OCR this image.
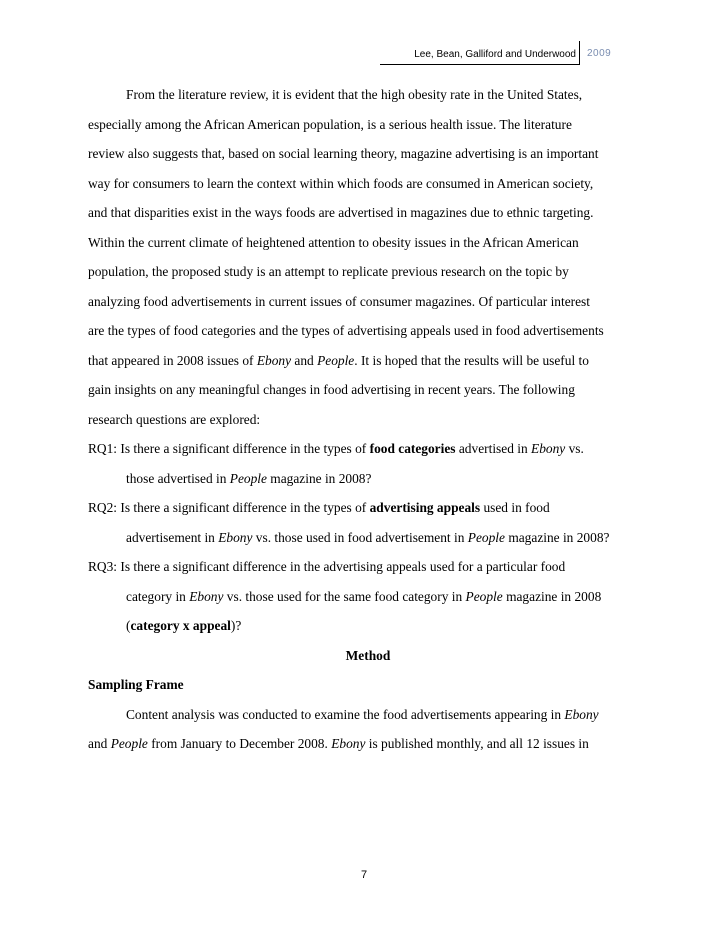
Lee, Bean, Galliford and Underwood 2009
From the literature review, it is evident that the high obesity rate in the United States,
especially among the African American population, is a serious health issue. The literature
review also suggests that, based on social learning theory, magazine advertising is an important
way for consumers to learn the context within which foods are consumed in American society,
and that disparities exist in the ways foods are advertised in magazines due to ethnic targeting.
Within the current climate of heightened attention to obesity issues in the African American
population, the proposed study is an attempt to replicate previous research on the topic by
analyzing food advertisements in current issues of consumer magazines. Of particular interest
are the types of food categories and the types of advertising appeals used in food advertisements
that appeared in 2008 issues of Ebony and People. It is hoped that the results will be useful to
gain insights on any meaningful changes in food advertising in recent years. The following
research questions are explored:
RQ1: Is there a significant difference in the types of food categories advertised in Ebony vs.
those advertised in People magazine in 2008?
RQ2: Is there a significant difference in the types of advertising appeals used in food
advertisement in Ebony vs. those used in food advertisement in People magazine in 2008?
RQ3: Is there a significant difference in the advertising appeals used for a particular food
category in Ebony vs. those used for the same food category in People magazine in 2008
(category x appeal)?
Method
Sampling Frame
Content analysis was conducted to examine the food advertisements appearing in Ebony
and People from January to December 2008. Ebony is published monthly, and all 12 issues in
7
